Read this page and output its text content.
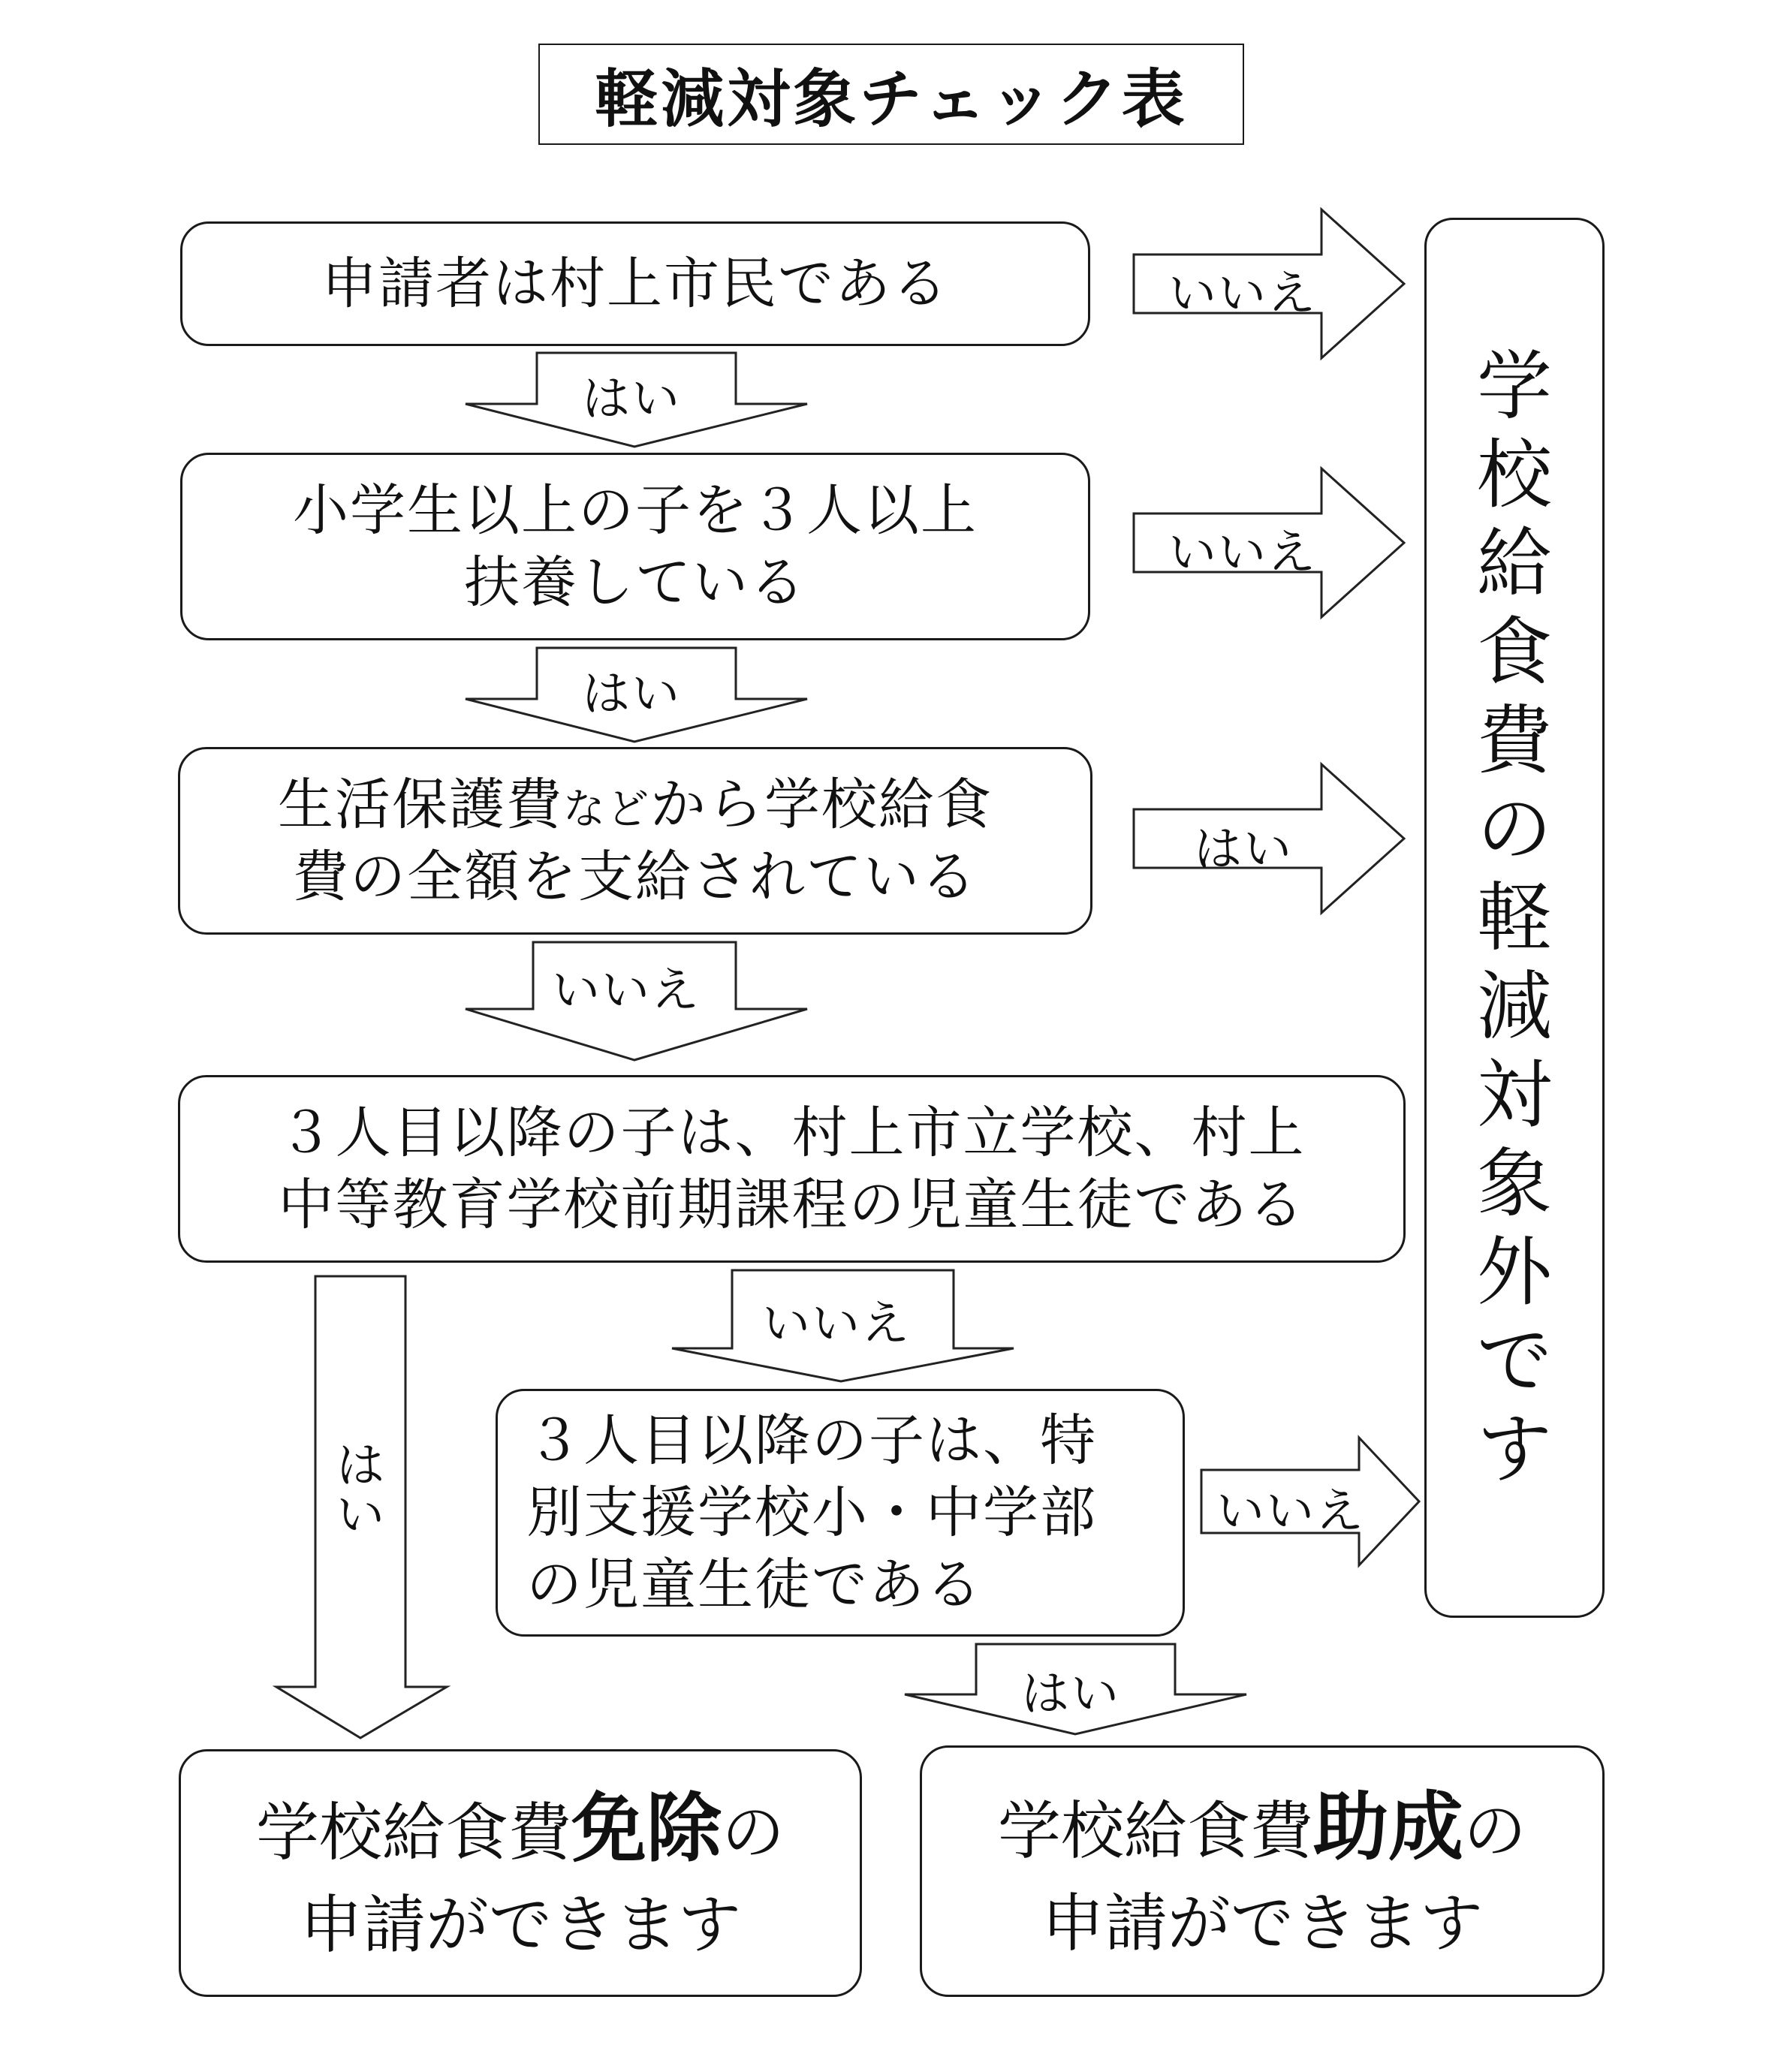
軽減対象チェック表
申請者は村上市民である
小学生以上の子を３人以上
扶養している
生活保護費などから学校給食
費の全額を支給されている
３人目以降の子は、村上市立学校、村上
中等教育学校前期課程の児童生徒である
３人目以降の子は、特
別支援学校小・中学部
の児童生徒である
学
校
給
食
費
の
軽
減
対
象
外
で
す
学校給食費免除の
申請ができます
学校給食費助成の
申請ができます
いいえ
はい
いいえ
はい
はい
いいえ
は
い
いいえ
いいえ
はい
